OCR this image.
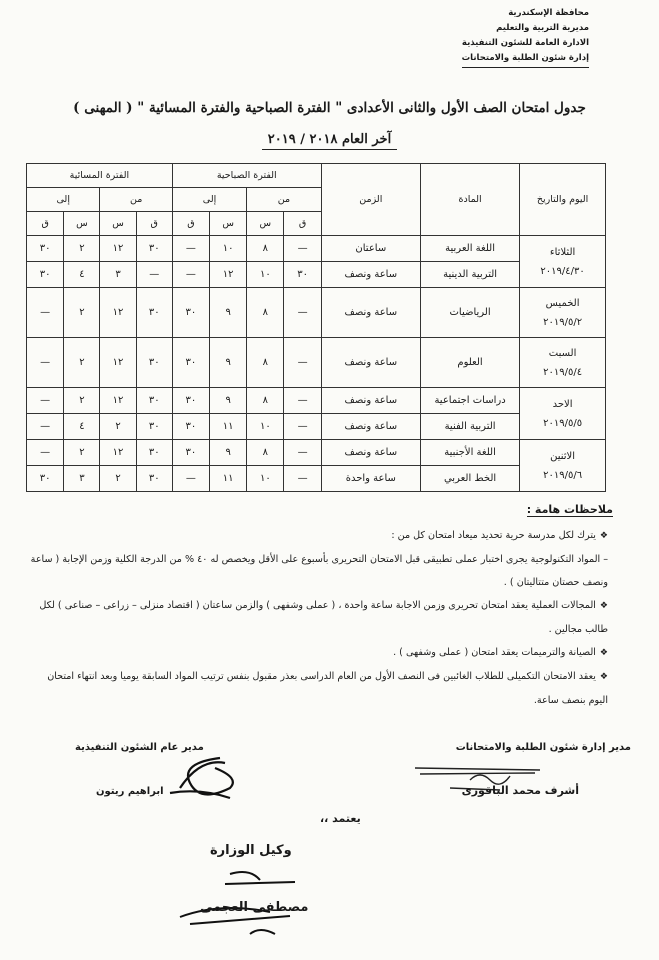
محافظة الإسكندرية
مديرية التربية والتعليم
الادارة العامة للشئون التنفيذية
إدارة شئون الطلبة والامتحانات
جدول امتحان الصف الأول والثانى الأعدادى " الفترة الصباحية والفترة المسائية " ( المهنى )
آخر العام ٢٠١٨ / ٢٠١٩
اليوم والتاريخ	المادة	الزمن	الفترة الصباحية				الفترة المسائية			
			من		إلى		من		إلى	
			ق	س	س	ق	ق	س	س	ق

الثلاثاء
٢٠١٩/٤/٣٠	اللغة العربية	ساعتان	—	٨	١٠	—	٣٠	١٢	٢	٣٠
	التربية الدينية	ساعة ونصف	٣٠	١٠	١٢	—	—	٣	٤	٣٠

الخميس
٢٠١٩/٥/٢	الرياضيات	ساعة ونصف	—	٨	٩	٣٠	٣٠	١٢	٢	—

السبت
٢٠١٩/٥/٤	العلوم	ساعة ونصف	—	٨	٩	٣٠	٣٠	١٢	٢	—

الاحد
٢٠١٩/٥/٥	دراسات اجتماعية	ساعة ونصف	—	٨	٩	٣٠	٣٠	١٢	٢	—
	التربية الفنية	ساعة ونصف	—	١٠	١١	٣٠	٣٠	٢	٤	—

الاثنين
٢٠١٩/٥/٦	اللغة الأجنبية	ساعة ونصف	—	٨	٩	٣٠	٣٠	١٢	٢	—
	الخط العربي	ساعة واحدة	—	١٠	١١	—	٣٠	٢	٣	٣٠
ملاحظات هامة :

❖يترك لكل مدرسة حرية تحديد ميعاد امتحان كل من :

– المواد التكنولوجية يجرى اختبار عملى تطبيقى قبل الامتحان التحريرى بأسبوع على الأقل ويخصص له ٤٠ % من الدرجة الكلية وزمن الإجابة ( ساعة ونصف حصتان متتاليتان ) .

❖المجالات العملية يعقد امتحان تحريرى وزمن الاجابة ساعة واحدة ، ( عملى وشفهى ) والزمن ساعتان ( اقتصاد منزلى – زراعى – صناعى ) لكل طالب مجالين .

❖الصيانة والترميمات يعقد امتحان ( عملى وشفهى ) .

❖يعقد الامتحان التكميلى للطلاب الغائبين فى النصف الأول من العام الدراسى بعذر مقبول بنفس ترتيب المواد السابقة يوميا وبعد انتهاء امتحان اليوم بنصف ساعة.

مدير إدارة شئون الطلبة والامتحانات
أشرف محمد الباقورى
مدير عام الشئون التنفيذية
ابراهيم ريتون
يعتمد ،،
وكيل الوزارة
مصطفى العجمى
